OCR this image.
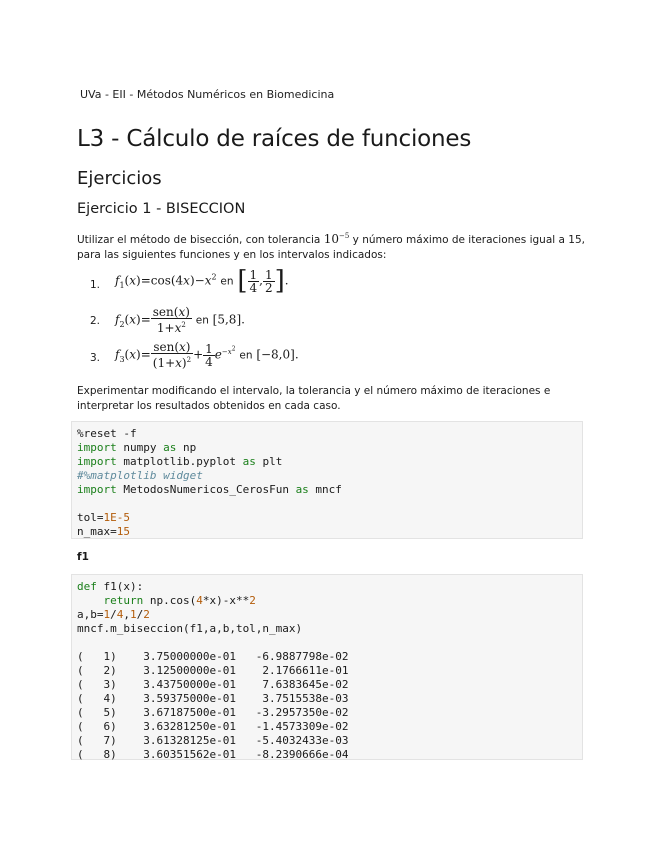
UVa - EII - Métodos Numéricos en Biomedicina
L3 - Cálculo de raíces de funciones
Ejercicios
Ejercicio 1 - BISECCION

Utilizar el método de bisección, con tolerancia $10^{-5}$ y número máximo de iteraciones igual a 15,
para las siguientes funciones y en los intervalos indicados:

1. $f_1(x)=\cos(4x)-x^2$ en [ $\frac{1}{4}$ , $\frac{1}{2}$ ].
2. $f_2(x)= \frac{\text{sen(x)}}{1+x^2}$ en [5,8].
3. $f_3(x)= \frac{\text{sen(x)}}{(1+x)^2} + \frac{1}{4} e^{-x^2}$ en [−8,0].

Experimentar modificando el intervalo, la tolerancia y el número máximo de iteraciones e
interpretar los resultados obtenidos en cada caso.

%reset -f
import numpy as np
import matplotlib.pyplot as plt
#%matplotlib widget
import MetodosNumericos_CerosFun as mncf

tol=1E-5
n_max=15
f1
def f1(x):
return np.cos(4*x)-x**2
a,b=1/4,1/2
mncf.m_biseccion(f1,a,b,tol,n_max)

(   1)    3.75000000e-01   -6.9887798e-02
(   2)    3.12500000e-01    2.1766611e-01
(   3)    3.43750000e-01    7.6383645e-02
(   4)    3.59375000e-01    3.7515538e-03
(   5)    3.67187500e-01   -3.2957350e-02
(   6)    3.63281250e-01   -1.4573309e-02
(   7)    3.61328125e-01   -5.4032433e-03
(   8)    3.60351562e-01   -8.2390666e-04
